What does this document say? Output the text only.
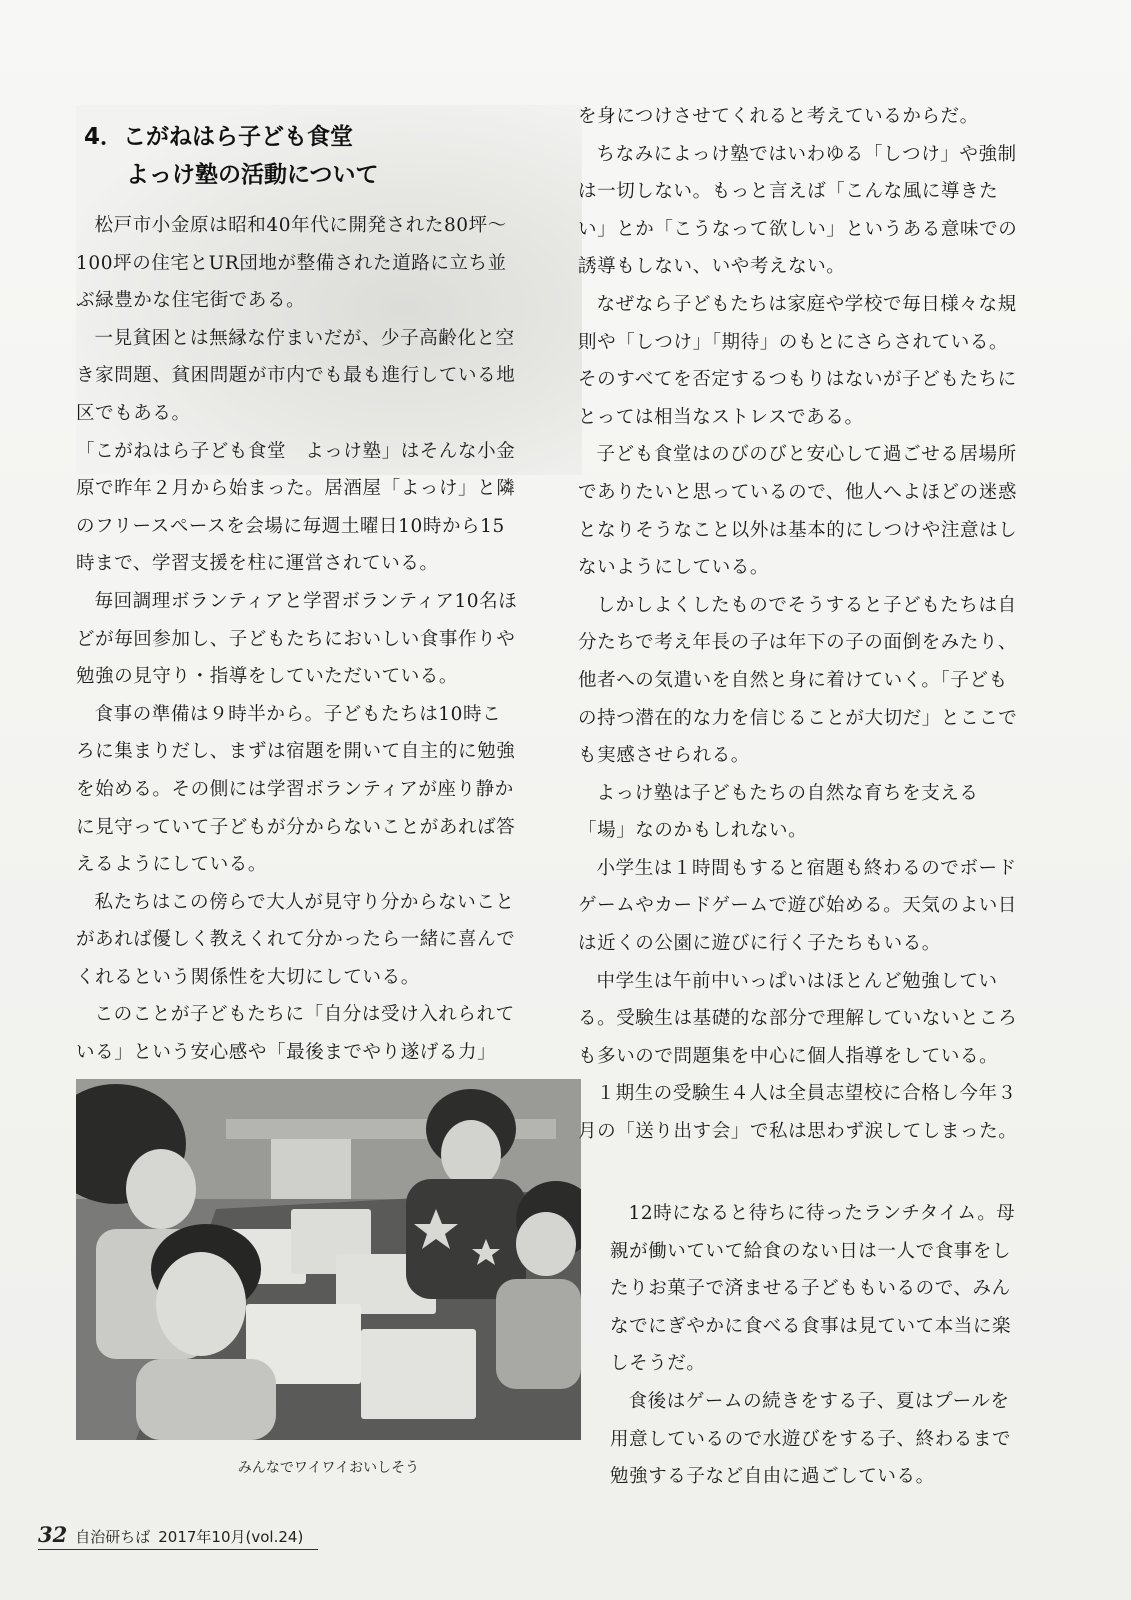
4．こがねはら子ども食堂
よっけ塾の活動について

松戸市小金原は昭和40年代に開発された80坪～100坪の住宅とUR団地が整備された道路に立ち並ぶ緑豊かな住宅街である。

一見貧困とは無縁な佇まいだが、少子高齢化と空き家問題、貧困問題が市内でも最も進行している地区でもある。

「こがねはら子ども食堂　よっけ塾」はそんな小金原で昨年２月から始まった。居酒屋「よっけ」と隣のフリースペースを会場に毎週土曜日10時から15時まで、学習支援を柱に運営されている。

毎回調理ボランティアと学習ボランティア10名ほどが毎回参加し、子どもたちにおいしい食事作りや勉強の見守り・指導をしていただいている。

食事の準備は９時半から。子どもたちは10時ころに集まりだし、まずは宿題を開いて自主的に勉強を始める。その側には学習ボランティアが座り静かに見守っていて子どもが分からないことがあれば答えるようにしている。

私たちはこの傍らで大人が見守り分からないことがあれば優しく教えくれて分かったら一緒に喜んでくれるという関係性を大切にしている。

このことが子どもたちに「自分は受け入れられている」という安心感や「最後までやり遂げる力」

みんなでワイワイおいしそう

を身につけさせてくれると考えているからだ。

ちなみによっけ塾ではいわゆる「しつけ」や強制は一切しない。もっと言えば「こんな風に導きたい」とか「こうなって欲しい」というある意味での誘導もしない、いや考えない。

なぜなら子どもたちは家庭や学校で毎日様々な規則や「しつけ」「期待」のもとにさらされている。そのすべてを否定するつもりはないが子どもたちにとっては相当なストレスである。

子ども食堂はのびのびと安心して過ごせる居場所でありたいと思っているので、他人へよほどの迷惑となりそうなこと以外は基本的にしつけや注意はしないようにしている。

しかしよくしたものでそうすると子どもたちは自分たちで考え年長の子は年下の子の面倒をみたり、他者への気遣いを自然と身に着けていく。「子どもの持つ潜在的な力を信じることが大切だ」とここでも実感させられる。

よっけ塾は子どもたちの自然な育ちを支える「場」なのかもしれない。

小学生は１時間もすると宿題も終わるのでボードゲームやカードゲームで遊び始める。天気のよい日は近くの公園に遊びに行く子たちもいる。

中学生は午前中いっぱいはほとんど勉強している。受験生は基礎的な部分で理解していないところも多いので問題集を中心に個人指導をしている。

１期生の受験生４人は全員志望校に合格し今年３月の「送り出す会」で私は思わず涙してしまった。

12時になると待ちに待ったランチタイム。母親が働いていて給食のない日は一人で食事をしたりお菓子で済ませる子どももいるので、みんなでにぎやかに食べる食事は見ていて本当に楽しそうだ。

食後はゲームの続きをする子、夏はプールを用意しているので水遊びをする子、終わるまで勉強する子など自由に過ごしている。

32 自治研ちば 2017年10月(vol.24)
